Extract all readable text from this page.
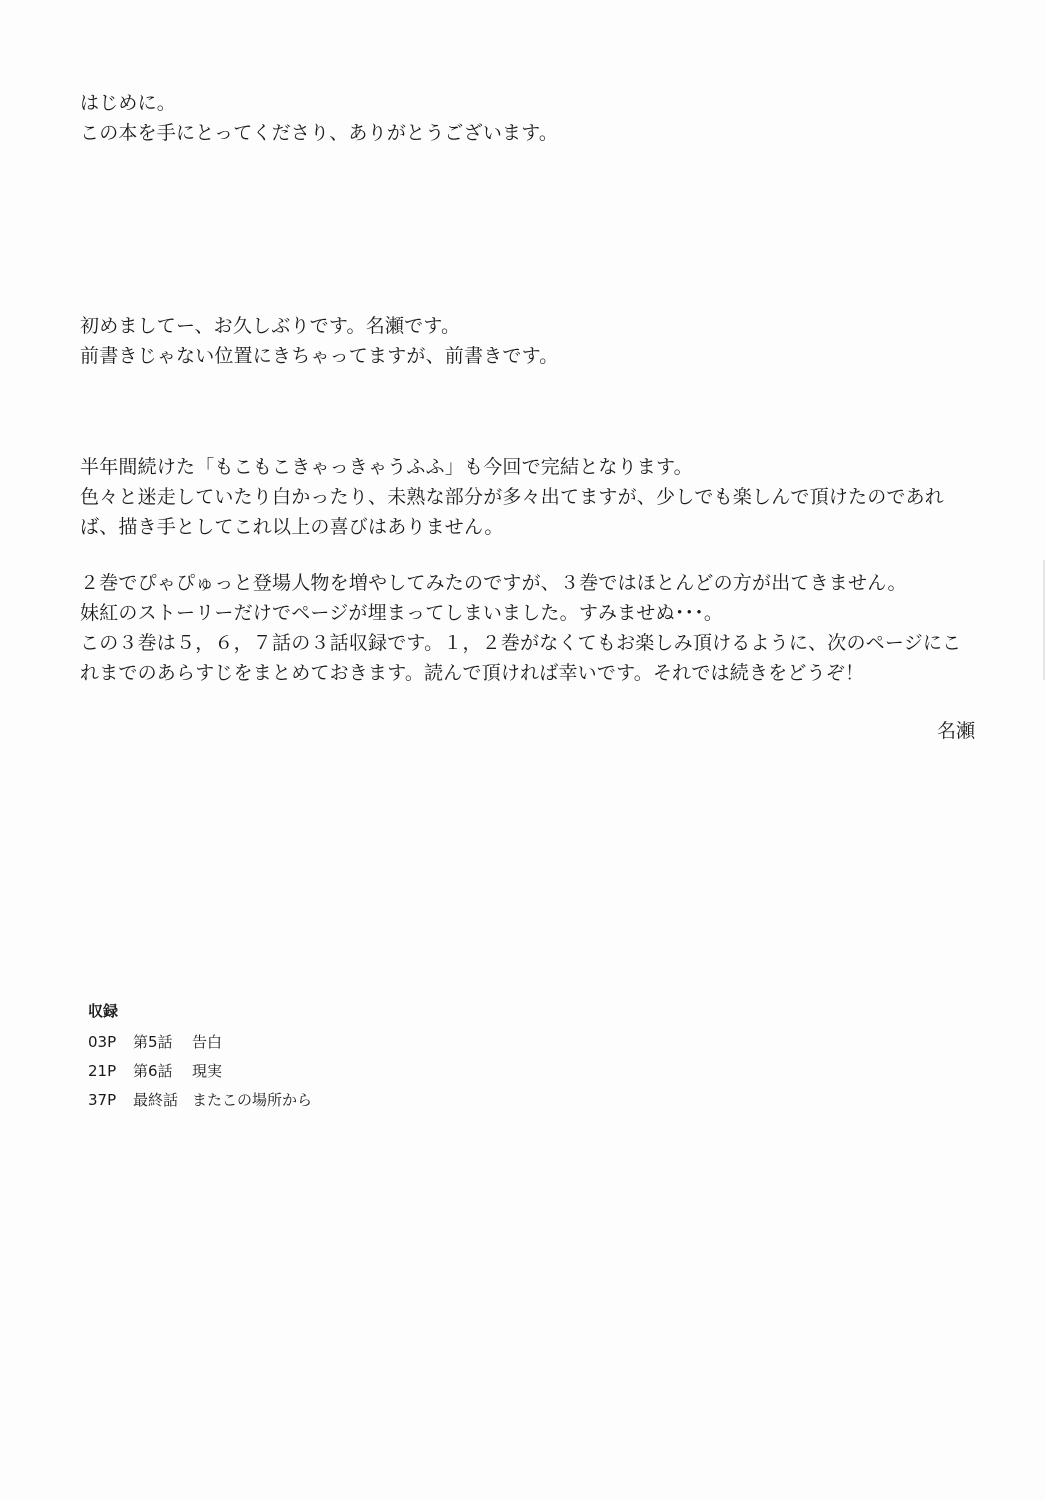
はじめに。
この本を手にとってくださり、ありがとうございます。
初めましてー、お久しぶりです。名瀬です。
前書きじゃない位置にきちゃってますが、前書きです。
半年間続けた「もこもこきゃっきゃうふふ」も今回で完結となります。
色々と迷走していたり白かったり、未熟な部分が多々出てますが、少しでも楽しんで頂けたのであれ
ば、描き手としてこれ以上の喜びはありません。
２巻でぴゃぴゅっと登場人物を増やしてみたのですが、３巻ではほとんどの方が出てきません。
妹紅のストーリーだけでページが埋まってしまいました。すみませぬ･･･。
この３巻は５，６，７話の３話収録です。１，２巻がなくてもお楽しみ頂けるように、次のページにこ
れまでのあらすじをまとめておきます。読んで頂ければ幸いです。それでは続きをどうぞ！
名瀬
収録
03P	第5話	告白
21P	第6話	現実
37P	最終話 またこの場所から
